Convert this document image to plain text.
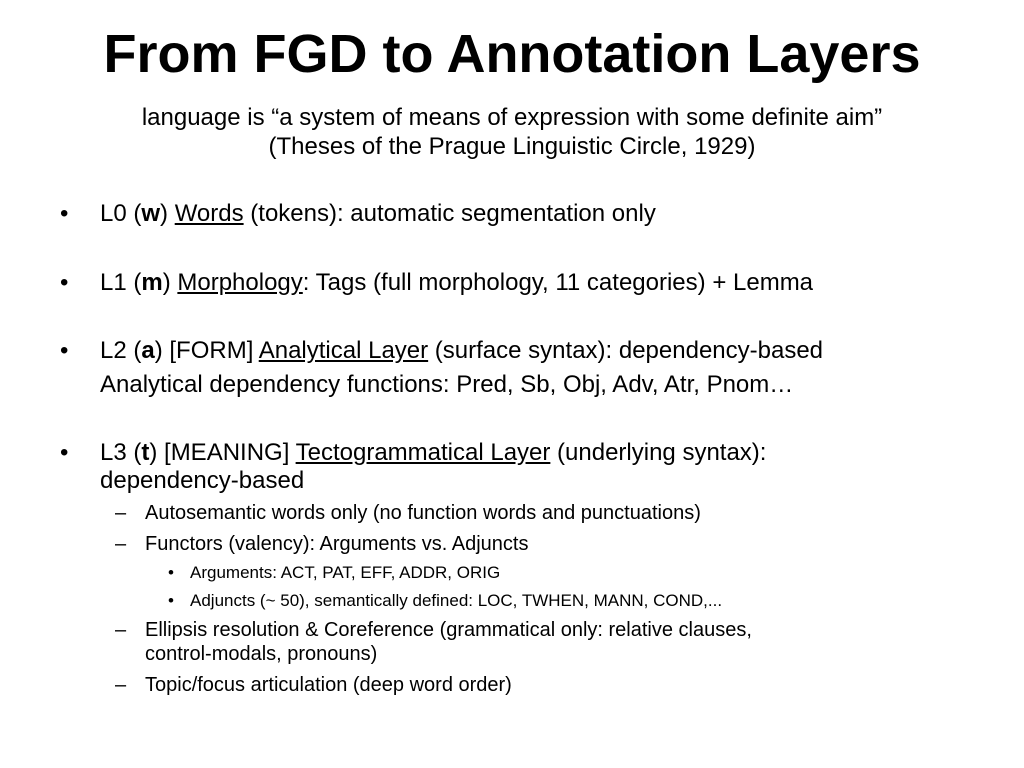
From FGD to Annotation Layers
language is “a system of means of expression with some definite aim”
(Theses of the Prague Linguistic Circle, 1929)
• L0 (w) Words (tokens): automatic segmentation only
• L1 (m) Morphology: Tags (full morphology, 11 categories) + Lemma
• L2 (a) [FORM] Analytical Layer (surface syntax): dependency-based
Analytical dependency functions: Pred, Sb, Obj, Adv, Atr, Pnom…
• L3 (t) [MEANING] Tectogrammatical Layer (underlying syntax):
dependency-based
– Autosemantic words only (no function words and punctuations)
– Functors (valency): Arguments vs. Adjuncts
• Arguments: ACT, PAT, EFF, ADDR, ORIG
• Adjuncts (~ 50), semantically defined: LOC, TWHEN, MANN, COND,...
– Ellipsis resolution & Coreference (grammatical only: relative clauses,
control-modals, pronouns)
– Topic/focus articulation (deep word order)
